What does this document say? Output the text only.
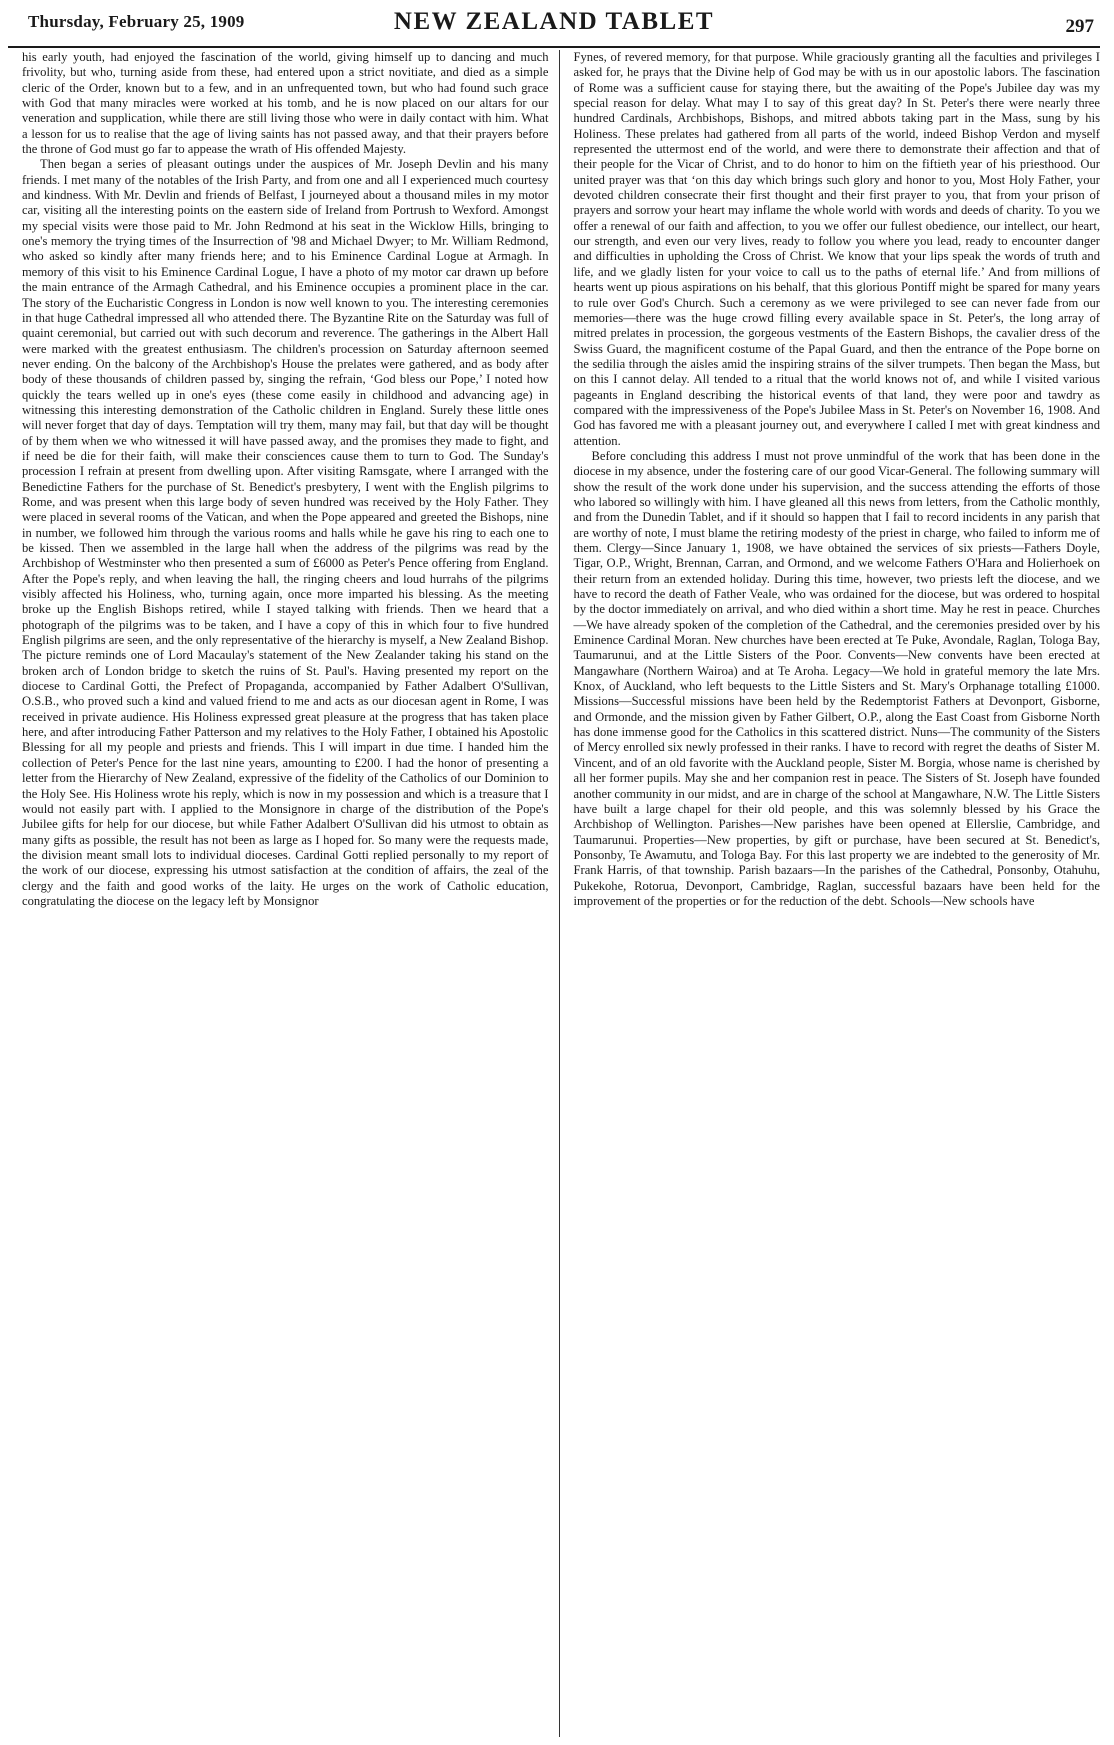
Thursday, February 25, 1909	NEW ZEALAND TABLET	297

his early youth, had enjoyed the fascination of the world, giving himself up to dancing and much frivolity, but who, turning aside from these, had entered upon a strict novitiate, and died as a simple cleric of the Order, known but to a few, and in an unfrequented town, but who had found such grace with God that many miracles were worked at his tomb, and he is now placed on our altars for our veneration and supplication, while there are still living those who were in daily contact with him. What a lesson for us to realise that the age of living saints has not passed away, and that their prayers before the throne of God must go far to appease the wrath of His offended Majesty.

Then began a series of pleasant outings under the auspices of Mr. Joseph Devlin and his many friends. I met many of the notables of the Irish Party, and from one and all I experienced much courtesy and kindness. With Mr. Devlin and friends of Belfast, I journeyed about a thousand miles in my motor car, visiting all the interesting points on the eastern side of Ireland from Portrush to Wexford. Amongst my special visits were those paid to Mr. John Redmond at his seat in the Wicklow Hills, bringing to one's memory the trying times of the Insurrection of '98 and Michael Dwyer; to Mr. William Redmond, who asked so kindly after many friends here; and to his Eminence Cardinal Logue at Armagh. In memory of this visit to his Eminence Cardinal Logue, I have a photo of my motor car drawn up before the main entrance of the Armagh Cathedral, and his Eminence occupies a prominent place in the car. The story of the Eucharistic Congress in London is now well known to you. The interesting ceremonies in that huge Cathedral impressed all who attended there. The Byzantine Rite on the Saturday was full of quaint ceremonial, but carried out with such decorum and reverence. The gatherings in the Albert Hall were marked with the greatest enthusiasm. The children's procession on Saturday afternoon seemed never ending. On the balcony of the Archbishop's House the prelates were gathered, and as body after body of these thousands of children passed by, singing the refrain, ‘God bless our Pope,’ I noted how quickly the tears welled up in one's eyes (these come easily in childhood and advancing age) in witnessing this interesting demonstration of the Catholic children in England. Surely these little ones will never forget that day of days. Temptation will try them, many may fail, but that day will be thought of by them when we who witnessed it will have passed away, and the promises they made to fight, and if need be die for their faith, will make their consciences cause them to turn to God. The Sunday's procession I refrain at present from dwelling upon. After visiting Ramsgate, where I arranged with the Benedictine Fathers for the purchase of St. Benedict's presbytery, I went with the English pilgrims to Rome, and was present when this large body of seven hundred was received by the Holy Father. They were placed in several rooms of the Vatican, and when the Pope appeared and greeted the Bishops, nine in number, we followed him through the various rooms and halls while he gave his ring to each one to be kissed. Then we assembled in the large hall when the address of the pilgrims was read by the Archbishop of Westminster who then presented a sum of £6000 as Peter's Pence offering from England. After the Pope's reply, and when leaving the hall, the ringing cheers and loud hurrahs of the pilgrims visibly affected his Holiness, who, turning again, once more imparted his blessing. As the meeting broke up the English Bishops retired, while I stayed talking with friends. Then we heard that a photograph of the pilgrims was to be taken, and I have a copy of this in which four to five hundred English pilgrims are seen, and the only representative of the hierarchy is myself, a New Zealand Bishop. The picture reminds one of Lord Macaulay's statement of the New Zealander taking his stand on the broken arch of London bridge to sketch the ruins of St. Paul's. Having presented my report on the diocese to Cardinal Gotti, the Prefect of Propaganda, accompanied by Father Adalbert O'Sullivan, O.S.B., who proved such a kind and valued friend to me and acts as our diocesan agent in Rome, I was received in private audience. His Holiness expressed great pleasure at the progress that has taken place here, and after introducing Father Patterson and my relatives to the Holy Father, I obtained his Apostolic Blessing for all my people and priests and friends. This I will impart in due time. I handed him the collection of Peter's Pence for the last nine years, amounting to £200. I had the honor of presenting a letter from the Hierarchy of New Zealand, expressive of the fidelity of the Catholics of our Dominion to the Holy See. His Holiness wrote his reply, which is now in my possession and which is a treasure that I would not easily part with. I applied to the Monsignore in charge of the distribution of the Pope's Jubilee gifts for help for our diocese, but while Father Adalbert O'Sullivan did his utmost to obtain as many gifts as possible, the result has not been as large as I hoped for. So many were the requests made, the division meant small lots to individual dioceses. Cardinal Gotti replied personally to my report of the work of our diocese, expressing his utmost satisfaction at the condition of affairs, the zeal of the clergy and the faith and good works of the laity. He urges on the work of Catholic education, congratulating the diocese on the legacy left by Monsignor

Fynes, of revered memory, for that purpose. While graciously granting all the faculties and privileges I asked for, he prays that the Divine help of God may be with us in our apostolic labors. The fascination of Rome was a sufficient cause for staying there, but the awaiting of the Pope's Jubilee day was my special reason for delay. What may I to say of this great day? In St. Peter's there were nearly three hundred Cardinals, Archbishops, Bishops, and mitred abbots taking part in the Mass, sung by his Holiness. These prelates had gathered from all parts of the world, indeed Bishop Verdon and myself represented the uttermost end of the world, and were there to demonstrate their affection and that of their people for the Vicar of Christ, and to do honor to him on the fiftieth year of his priesthood. Our united prayer was that ‘on this day which brings such glory and honor to you, Most Holy Father, your devoted children consecrate their first thought and their first prayer to you, that from your prison of prayers and sorrow your heart may inflame the whole world with words and deeds of charity. To you we offer a renewal of our faith and affection, to you we offer our fullest obedience, our intellect, our heart, our strength, and even our very lives, ready to follow you where you lead, ready to encounter danger and difficulties in upholding the Cross of Christ. We know that your lips speak the words of truth and life, and we gladly listen for your voice to call us to the paths of eternal life.’ And from millions of hearts went up pious aspirations on his behalf, that this glorious Pontiff might be spared for many years to rule over God's Church. Such a ceremony as we were privileged to see can never fade from our memories—there was the huge crowd filling every available space in St. Peter's, the long array of mitred prelates in procession, the gorgeous vestments of the Eastern Bishops, the cavalier dress of the Swiss Guard, the magnificent costume of the Papal Guard, and then the entrance of the Pope borne on the sedilia through the aisles amid the inspiring strains of the silver trumpets. Then began the Mass, but on this I cannot delay. All tended to a ritual that the world knows not of, and while I visited various pageants in England describing the historical events of that land, they were poor and tawdry as compared with the impressiveness of the Pope's Jubilee Mass in St. Peter's on November 16, 1908. And God has favored me with a pleasant journey out, and everywhere I called I met with great kindness and attention.

Before concluding this address I must not prove unmindful of the work that has been done in the diocese in my absence, under the fostering care of our good Vicar-General. The following summary will show the result of the work done under his supervision, and the success attending the efforts of those who labored so willingly with him. I have gleaned all this news from letters, from the Catholic monthly, and from the Dunedin Tablet, and if it should so happen that I fail to record incidents in any parish that are worthy of note, I must blame the retiring modesty of the priest in charge, who failed to inform me of them. Clergy—Since January 1, 1908, we have obtained the services of six priests—Fathers Doyle, Tigar, O.P., Wright, Brennan, Carran, and Ormond, and we welcome Fathers O'Hara and Holierhoek on their return from an extended holiday. During this time, however, two priests left the diocese, and we have to record the death of Father Veale, who was ordained for the diocese, but was ordered to hospital by the doctor immediately on arrival, and who died within a short time. May he rest in peace. Churches—We have already spoken of the completion of the Cathedral, and the ceremonies presided over by his Eminence Cardinal Moran. New churches have been erected at Te Puke, Avondale, Raglan, Tologa Bay, Taumarunui, and at the Little Sisters of the Poor. Convents—New convents have been erected at Mangawhare (Northern Wairoa) and at Te Aroha. Legacy—We hold in grateful memory the late Mrs. Knox, of Auckland, who left bequests to the Little Sisters and St. Mary's Orphanage totalling £1000. Missions—Successful missions have been held by the Redemptorist Fathers at Devonport, Gisborne, and Ormonde, and the mission given by Father Gilbert, O.P., along the East Coast from Gisborne North has done immense good for the Catholics in this scattered district. Nuns—The community of the Sisters of Mercy enrolled six newly professed in their ranks. I have to record with regret the deaths of Sister M. Vincent, and of an old favorite with the Auckland people, Sister M. Borgia, whose name is cherished by all her former pupils. May she and her companion rest in peace. The Sisters of St. Joseph have founded another community in our midst, and are in charge of the school at Mangawhare, N.W. The Little Sisters have built a large chapel for their old people, and this was solemnly blessed by his Grace the Archbishop of Wellington. Parishes—New parishes have been opened at Ellerslie, Cambridge, and Taumarunui. Properties—New properties, by gift or purchase, have been secured at St. Benedict's, Ponsonby, Te Awamutu, and Tologa Bay. For this last property we are indebted to the generosity of Mr. Frank Harris, of that township. Parish bazaars—In the parishes of the Cathedral, Ponsonby, Otahuhu, Pukekohe, Rotorua, Devonport, Cambridge, Raglan, successful bazaars have been held for the improvement of the properties or for the reduction of the debt. Schools—New schools have
